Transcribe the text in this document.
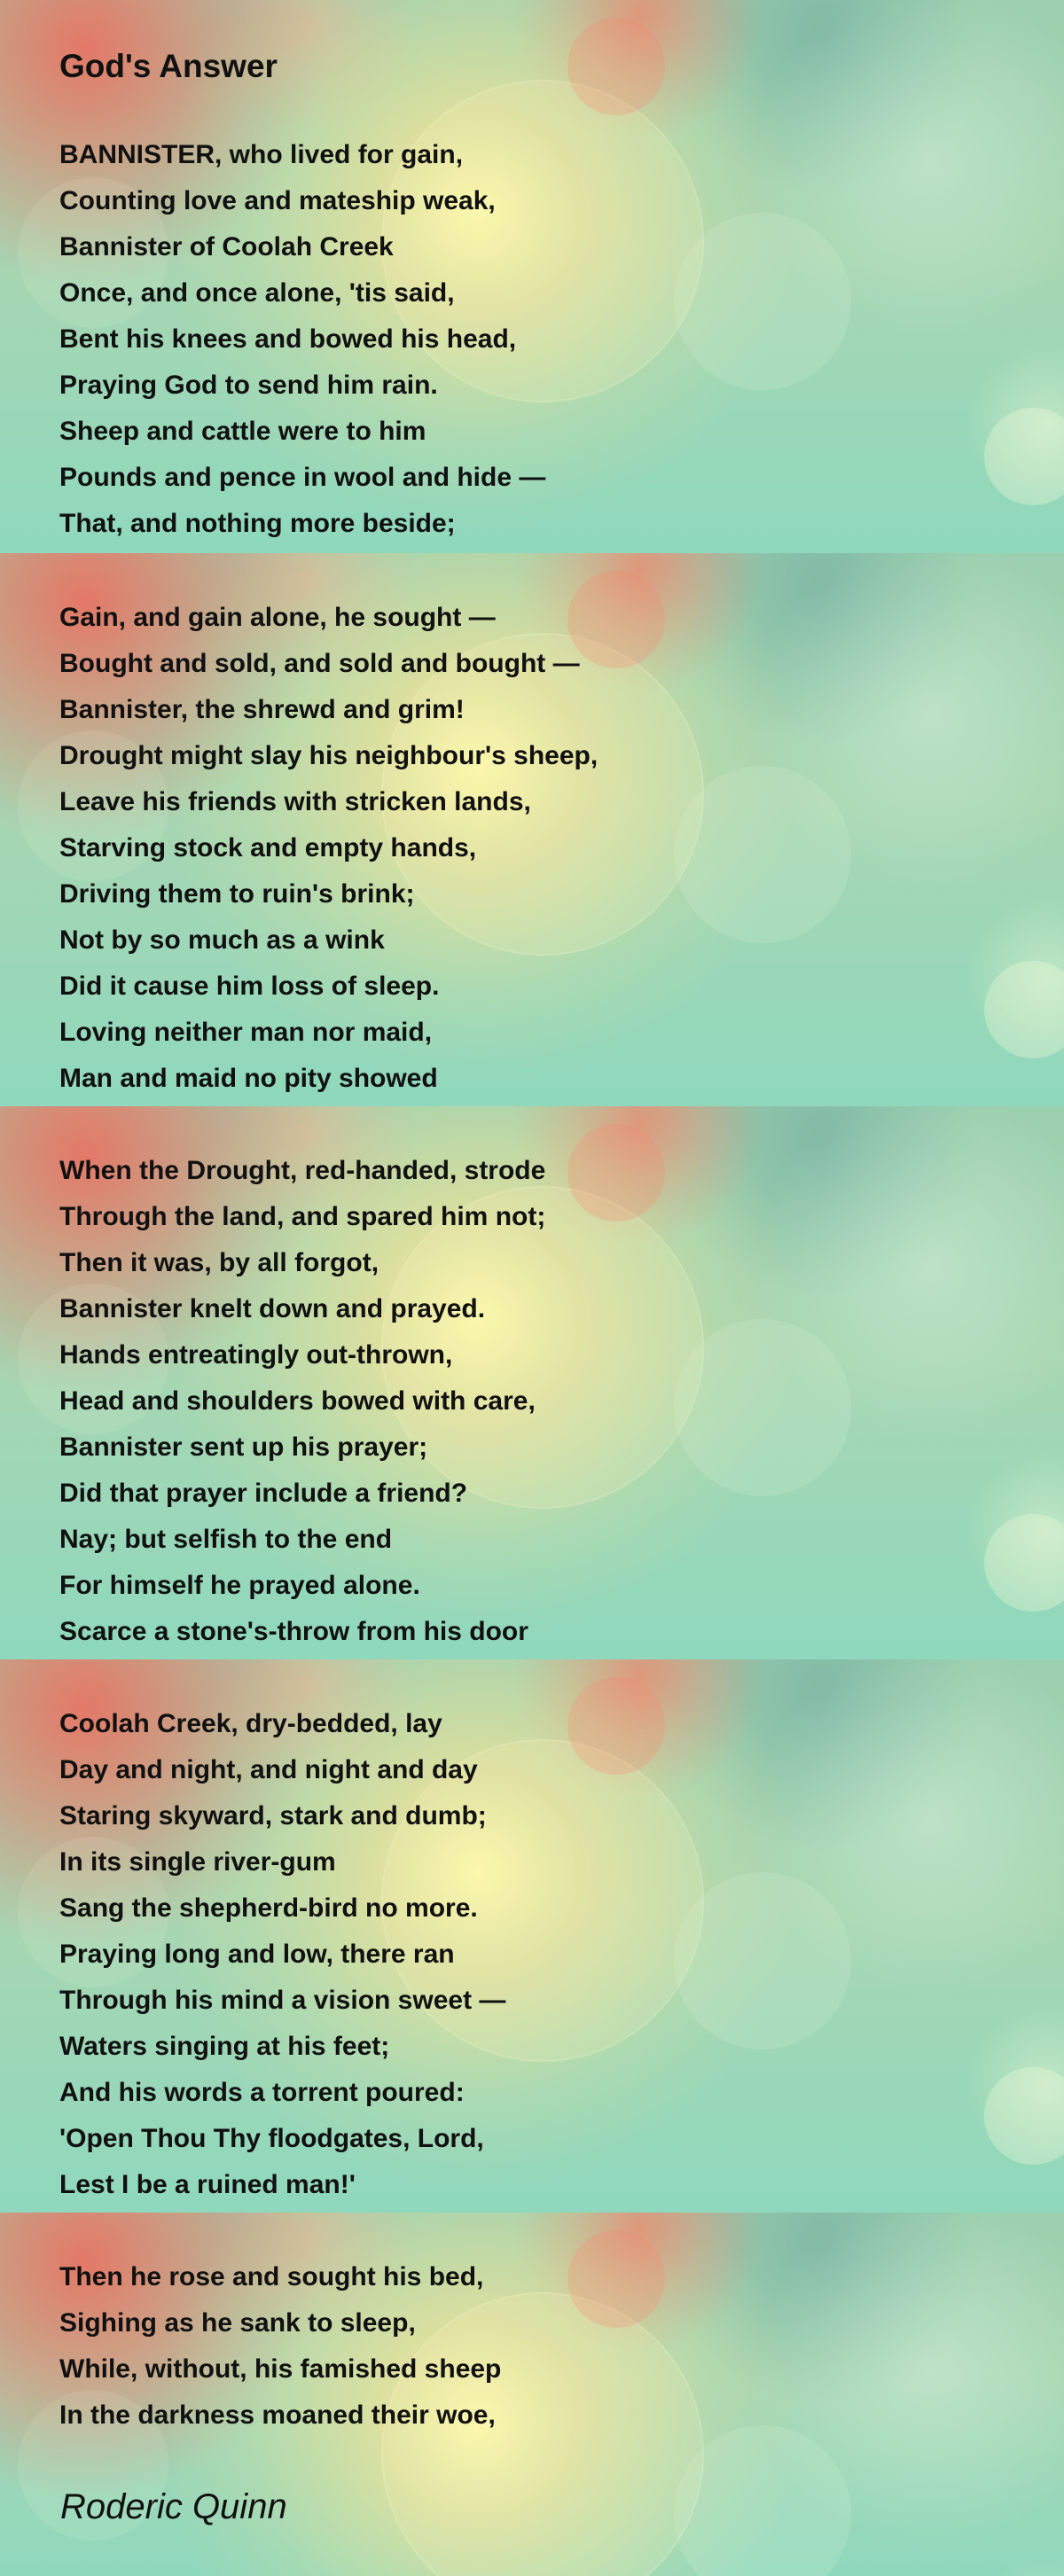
God's Answer
BANNISTER, who lived for gain,
Counting love and mateship weak,
Bannister of Coolah Creek
Once, and once alone, 'tis said,
Bent his knees and bowed his head,
Praying God to send him rain.
Sheep and cattle were to him
Pounds and pence in wool and hide —
That, and nothing more beside;
Gain, and gain alone, he sought —
Bought and sold, and sold and bought —
Bannister, the shrewd and grim!
Drought might slay his neighbour's sheep,
Leave his friends with stricken lands,
Starving stock and empty hands,
Driving them to ruin's brink;
Not by so much as a wink
Did it cause him loss of sleep.
Loving neither man nor maid,
Man and maid no pity showed
When the Drought, red-handed, strode
Through the land, and spared him not;
Then it was, by all forgot,
Bannister knelt down and prayed.
Hands entreatingly out-thrown,
Head and shoulders bowed with care,
Bannister sent up his prayer;
Did that prayer include a friend?
Nay; but selfish to the end
For himself he prayed alone.
Scarce a stone's-throw from his door
Coolah Creek, dry-bedded, lay
Day and night, and night and day
Staring skyward, stark and dumb;
In its single river-gum
Sang the shepherd-bird no more.
Praying long and low, there ran
Through his mind a vision sweet —
Waters singing at his feet;
And his words a torrent poured:
'Open Thou Thy floodgates, Lord,
Lest I be a ruined man!'
Then he rose and sought his bed,
Sighing as he sank to sleep,
While, without, his famished sheep
In the darkness moaned their woe,
Roderic Quinn
